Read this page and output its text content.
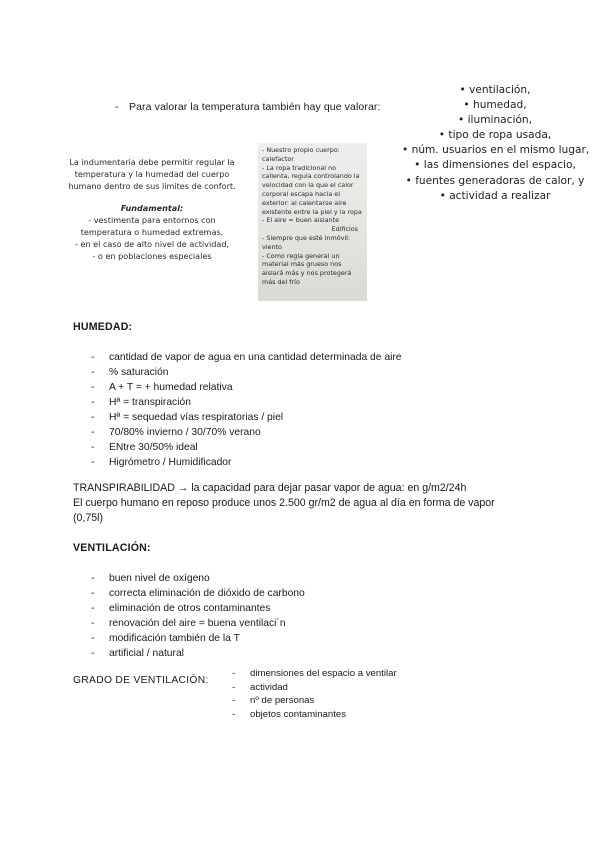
- Para valorar la temperatura también hay que valorar:
• ventilación,
• humedad,
• iluminación,
• tipo de ropa usada,
• núm. usuarios en el mismo lugar,
• las dimensiones del espacio,
• fuentes generadoras de calor, y
• actividad a realizar
La indumentaria debe permitir regular la
temperatura y la humedad del cuerpo
humano dentro de sus límites de confort.
Fundamental:
- vestimenta para entornos con
temperatura o humedad extremas,
- en el caso de alto nivel de actividad,
- o en poblaciones especiales
- Nuestro propio cuerpo:
calefactor
- La ropa tradicional no
calienta, regula controlando la
velocidad con la que el calor
corporal escapa hacia el
exterior: al calentarse aire
existente entre la piel y la ropa
- El aire = buen aislante
Edificios
- Siempre que esté inmóvil:
viento
- Como regla general un
material más grueso nos
aislará más y nos protegerá
más del frío
HUMEDAD:
- cantidad de vapor de agua en una cantidad determinada de aire
- % saturación
- A + T = + humedad relativa
- Hª = transpiración
- Hª = sequedad vías respiratorias / piel
- 70/80% invierno / 30/70% verano
- ENtre 30/50% ideal
- Higrómetro / Humidificador
TRANSPIRABILIDAD → la capacidad para dejar pasar vapor de agua: en g/m2/24h
El cuerpo humano en reposo produce unos 2.500 gr/m2 de agua al día en forma de vapor
(0,75l)
VENTILACIÓN:
- buen nivel de oxígeno
- correcta eliminación de dióxido de carbono
- eliminación de otros contaminantes
- renovación del aire = buena ventilaci´n
- modificación también de la T
- artificial / natural
GRADO DE VENTILACIÓN:
- dimensiones del espacio a ventilar
- actividad
- nº de personas
- objetos contaminantes
